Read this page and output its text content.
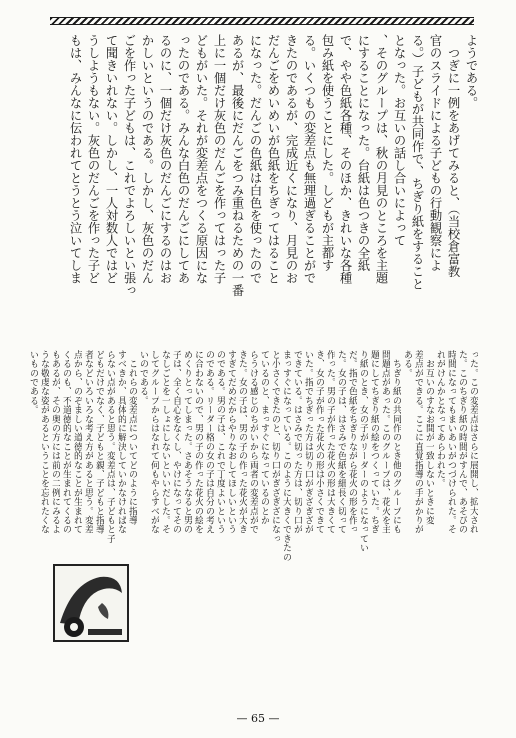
ようである。
　つぎに一例をあげてみると、（当校倉富教
官のスライドによる子どもの行動観察によ
る。）子どもが共同作で、ちぎり紙をすること
となった。お互いの話し合いによって
、そのグループは、秋の月見のところを主題
にすることになった。台紙は色つきの全紙
で、やや色紙各種、そのほか、きれいな各種
包み紙を使うことにした。しどもが主都す
る。いくつもの変差点も無理過ぎることがで
きたのであるが、完成近くになり、月見のお
だんごをめいめいが色紙をちぎってはること
になった。だんごの色紙は白色を使ったので
あるが、最後にだんごをつみ重ねるための一番
上に一個だけ灰色のだんごを作ってはった子
どもがいた。それが変差点をつくる原因にな
ったのである。みんな白色のだんごにしてあ
るのに、一個だけ灰色のだんごにするのはお
かしいというのである。しかし、灰色のだん
ごを作った子どもは、これでよろしいとい張っ
て聞きいれない。しかし、一人対数人ではど
うしようもない。灰色のだんごを作った子ど
もは、みんなに伝われてとうとう泣いてしま
った。この変差点はさらに展開し、拡大され
た。このちぎり紙の時間がすんで、あそびの
時間になってもまいあいがつづけられた。そ
れがけんかとなってあらわれた。
　お互いのすなお間が一致しないときに変
差点ができる。ここに直覚指導の手がかりが
ある。
　ちぎり紙の共同作のとき他のグループにも
問題点があった。このグループは、花火を主
題にしてちぎり紙の絵をつくっていた。ちぎ
り紙のとき、女の子がリーダーのようになってい
だ。指で色紙をちぎりながら花火の形を作っ
た。女の子は、はさみで色紙を細長く切って
作った。男の子が作った花火の形は大きくて
き、女の子が作った花火の形は小さくできて
いた。指でちぎった方は切り口がぎざぎざが
できている。はさみで切った方は、切り口が
まっすぐになっている。このように大きくできたの
と小さくできたのと、切り口がぎざぎざになっ
ているのと、まっすぐになっているのとか
らうける感じのちがいから両者の変差点がで
きた。女の子は、男の子の作った花火が大き
すぎてだめだからやりなおしてほしいという
のである。男の子は、これで丁度よいという
のである。リーダー格の女の子は自分の考え
に合わないので、男の子の作った花火の絵を
めくりとってしまった。さあそうなると男の
子は、全く自心をなくし、やけになってその
なしごとを一しょにしないといいだした。そ
してグループからはなれて何もやらすべがな
いのである。
　これらの変差点についてどのように指導
すべきか、具体的に解決していかなければな
らない点があると思う。変差点は、子どもと子
どもだけでなく、子どもと親、子どもと指導
者などいろいろな考え方があると思う。変差
点から、のぞましい道徳的なことが生まれて
くるのも、不道徳的なことが生まれてくるの
もあるが、その奥の方には前の二例にみるよ
うな敬虔な姿があるということを忘れたくな
いものである。
— 65 —
